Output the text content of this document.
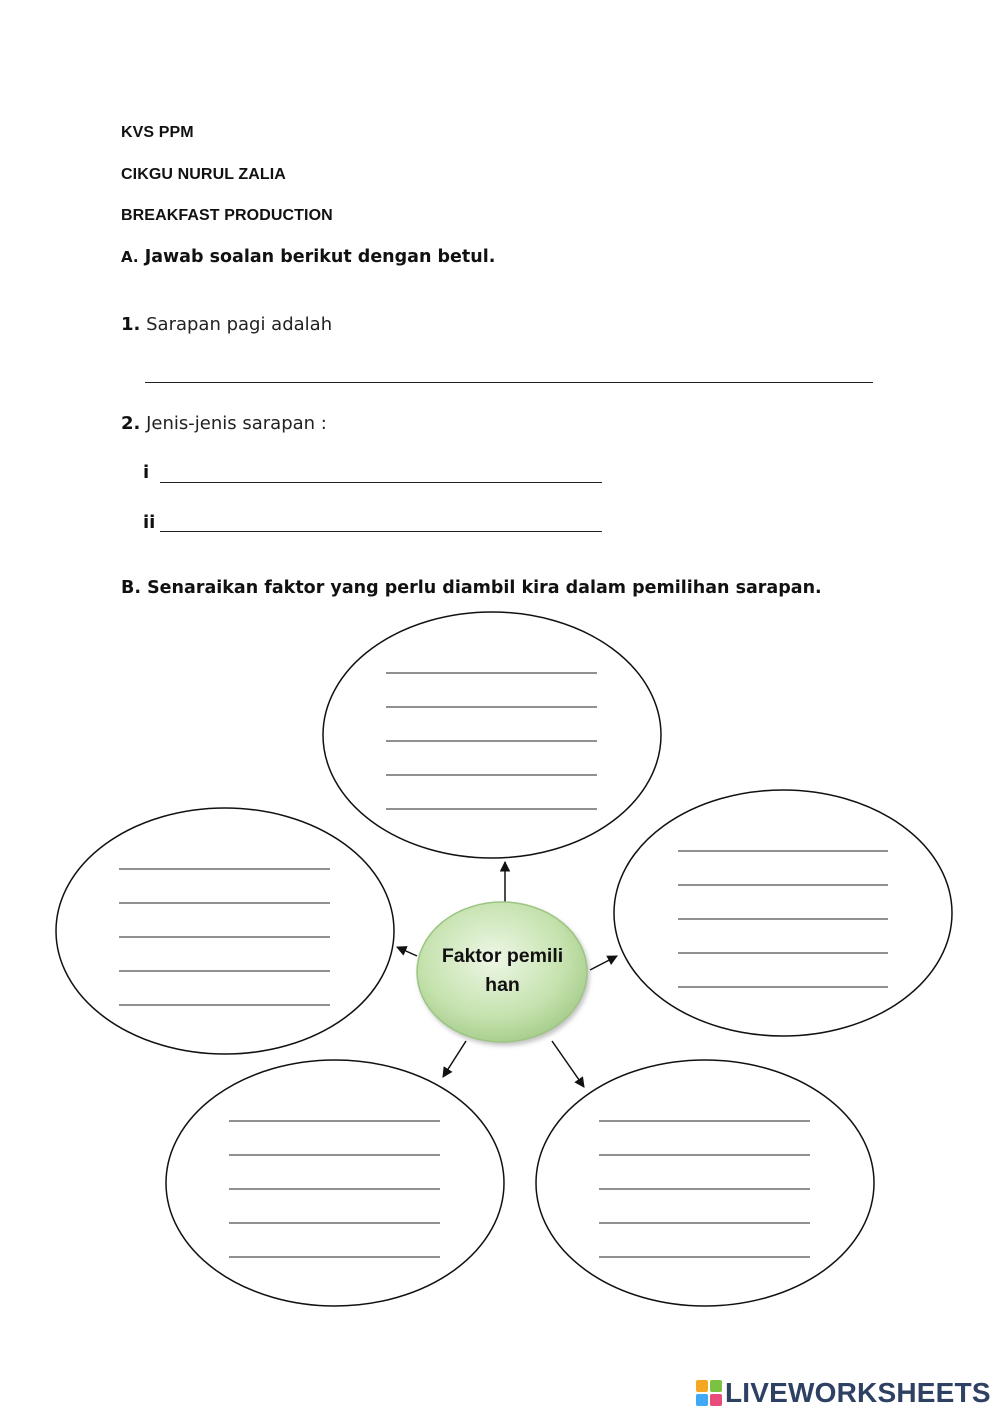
KVS PPM
CIKGU NURUL ZALIA
BREAKFAST PRODUCTION
A. Jawab soalan berikut dengan betul.
1. Sarapan pagi adalah
2. Jenis-jenis sarapan :
i
ii
B. Senaraikan faktor yang perlu diambil kira dalam pemilihan sarapan.
Faktor pemilihan
LIVEWORKSHEETS
